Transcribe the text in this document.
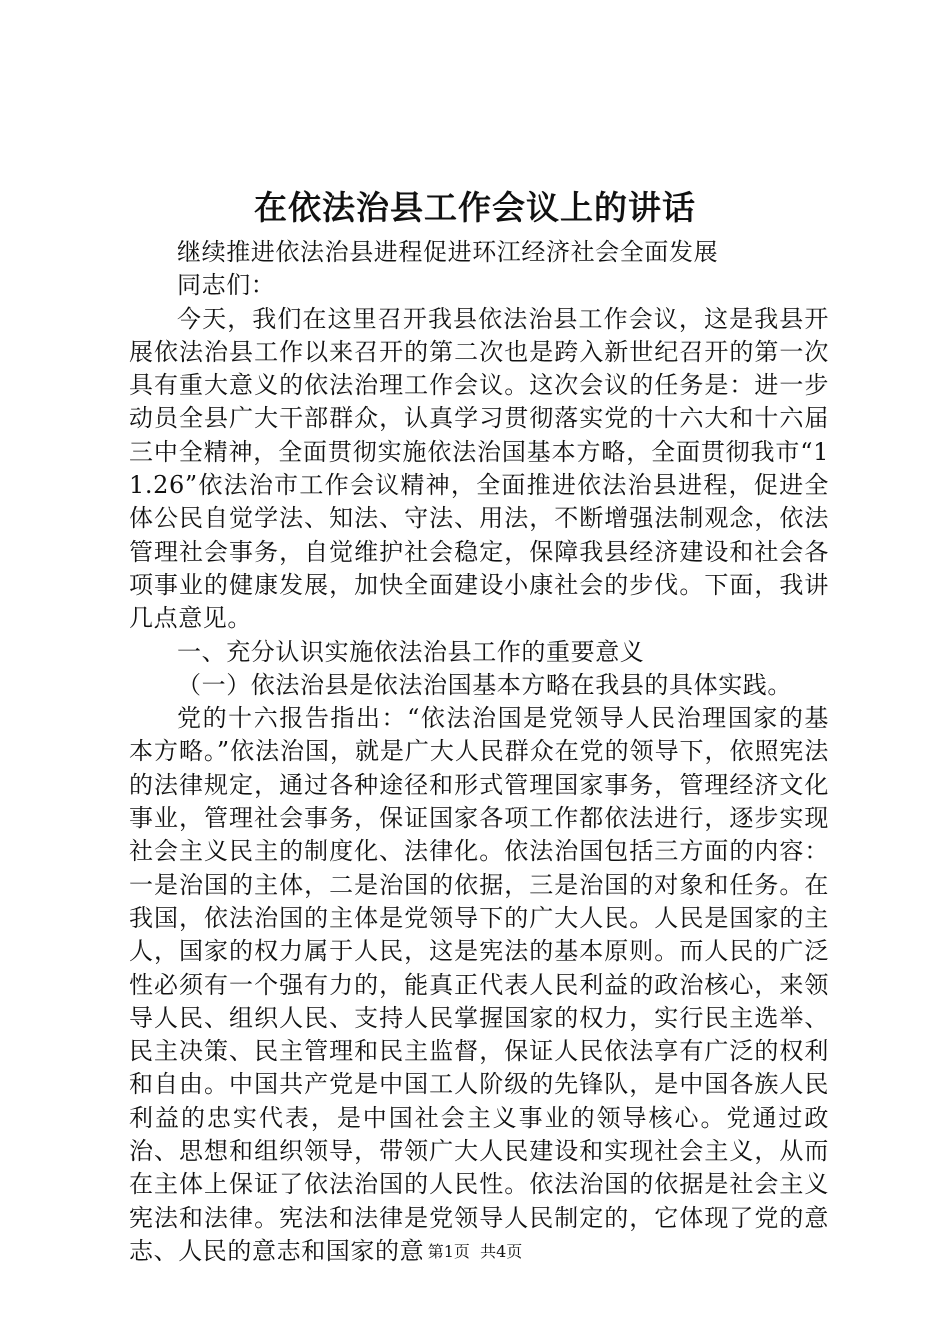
在依法治县工作会议上的讲话

继续推进依法治县进程促进环江经济社会全面发展

同志们：

今天，我们在这里召开我县依法治县工作会议，这是我县开展依法治县工作以来召开的第二次也是跨入新世纪召开的第一次具有重大意义的依法治理工作会议。这次会议的任务是：进一步动员全县广大干部群众，认真学习贯彻落实党的十六大和十六届三中全精神，全面贯彻实施依法治国基本方略，全面贯彻我市“11.26”依法治市工作会议精神，全面推进依法治县进程，促进全体公民自觉学法、知法、守法、用法，不断增强法制观念，依法管理社会事务，自觉维护社会稳定，保障我县经济建设和社会各项事业的健康发展，加快全面建设小康社会的步伐。下面，我讲几点意见。

一、充分认识实施依法治县工作的重要意义

（一）依法治县是依法治国基本方略在我县的具体实践。

党的十六报告指出：“依法治国是党领导人民治理国家的基本方略。”依法治国，就是广大人民群众在党的领导下，依照宪法的法律规定，通过各种途径和形式管理国家事务，管理经济文化事业，管理社会事务，保证国家各项工作都依法进行，逐步实现社会主义民主的制度化、法律化。依法治国包括三方面的内容：一是治国的主体，二是治国的依据，三是治国的对象和任务。在我国，依法治国的主体是党领导下的广大人民。人民是国家的主人，国家的权力属于人民，这是宪法的基本原则。而人民的广泛性必须有一个强有力的，能真正代表人民利益的政治核心，来领导人民、组织人民、支持人民掌握国家的权力，实行民主选举、民主决策、民主管理和民主监督，保证人民依法享有广泛的权利和自由。中国共产党是中国工人阶级的先锋队，是中国各族人民利益的忠实代表，是中国社会主义事业的领导核心。党通过政治、思想和组织领导，带领广大人民建设和实现社会主义，从而在主体上保证了依法治国的人民性。依法治国的依据是社会主义宪法和法律。宪法和法律是党领导人民制定的，它体现了党的意志、人民的意志和国家的意 第1页  共4页
